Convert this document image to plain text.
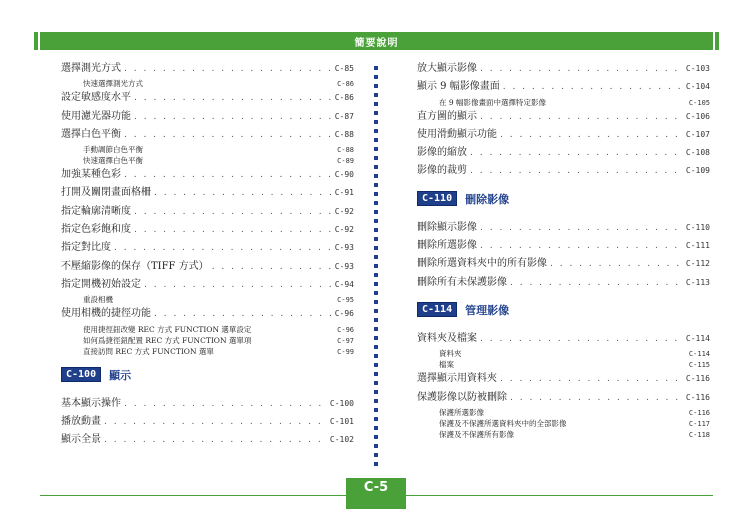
簡要說明
選擇測光方式 . . .	C-85
快速選擇測光方式	C-86
設定敏感度水平 . . .	C-86
使用濾光器功能 . . .	C-87
選擇白色平衡 . . .	C-88
手動調節白色平衡	C-88
快速選擇白色平衡	C-89
加強某種色彩 . . .	C-90
打開及關閉畫面格柵 . . .	C-91
指定輪廓清晰度 . . .	C-92
指定色彩飽和度 . . .	C-92
指定對比度 . . .	C-93
不壓縮影像的保存（TIFF 方式） . . .	C-93
指定開機初始設定 . . .	C-94
重設相機	C-95
使用相機的捷徑功能 . . .	C-96
使用捷徑鈕改變 REC 方式 FUNCTION 選單設定	C-96
如何爲捷徑鈕配置 REC 方式 FUNCTION 選單項	C-97
直接訪問 REC 方式 FUNCTION 選單	C-99
C-100	顯示
基本顯示操作 . . .	C-100
播放動畫 . . .	C-101
顯示全景 . . .	C-102
放大顯示影像 . . .	C-103
顯示 9 幅影像畫面 . . .	C-104
在 9 幅影像畫面中選擇特定影像	C-105
直方圖的顯示 . . .	C-106
使用滑動顯示功能 . . .	C-107
影像的縮放 . . .	C-108
影像的裁剪 . . .	C-109
C-110	刪除影像
刪除顯示影像 . . .	C-110
刪除所選影像 . . .	C-111
刪除所選資料夾中的所有影像 . . .	C-112
刪除所有未保護影像 . . .	C-113
C-114	管理影像
資料夾及檔案 . . .	C-114
資料夾	C-114
檔案	C-115
選擇顯示用資料夾 . . .	C-116
保護影像以防被刪除 . . .	C-116
保護所選影像	C-116
保護及不保護所選資料夾中的全部影像	C-117
保護及不保護所有影像	C-118
C-5
